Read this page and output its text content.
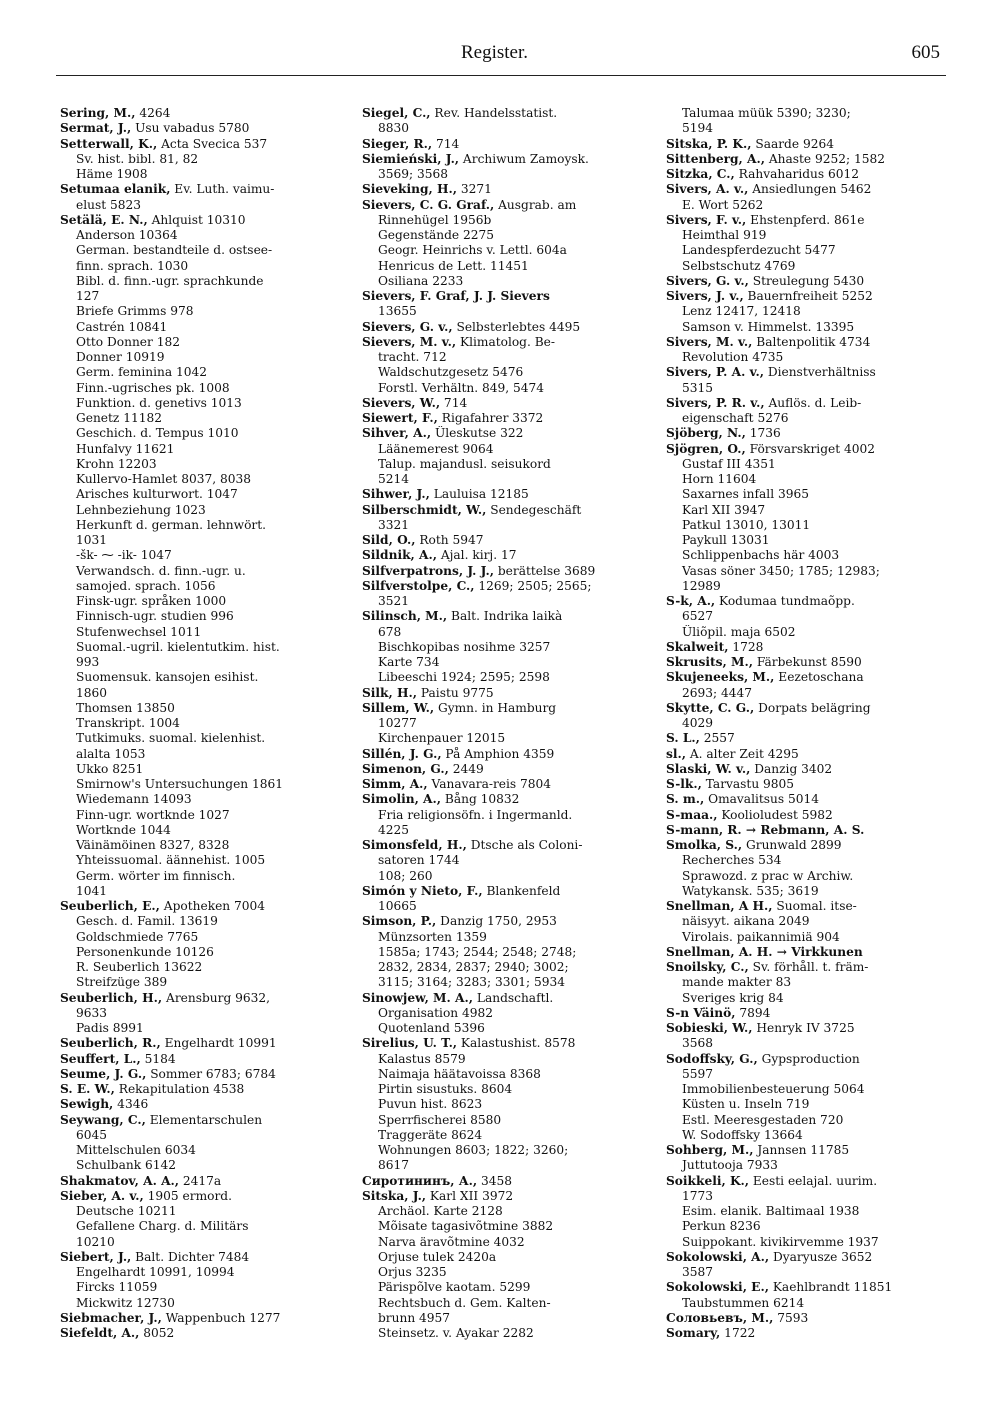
Register.	605
Sering, M., 4264
Sermat, J., Usu vabadus 5780
Setterwall, K., Acta Svecica 537
Sv. hist. bibl. 81, 82
Häme 1908
Setumaa elanik, Ev. Luth. vaimu-
elust 5823
Setälä, E. N., Ahlquist 10310
Anderson 10364
German. bestandteile d. ostsee-
finn. sprach. 1030
Bibl. d. finn.-ugr. sprachkunde
127
Briefe Grimms 978
Castrén 10841
Otto Donner 182
Donner 10919
Germ. feminina 1042
Finn.-ugrisches pk. 1008
Funktion. d. genetivs 1013
Genetz 11182
Geschich. d. Tempus 1010
Hunfalvy 11621
Krohn 12203
Kullervo-Hamlet 8037, 8038
Arisches kulturwort. 1047
Lehnbeziehung 1023
Herkunft d. german. lehnwört.
1031
-šk- ⁓ -ik- 1047
Verwandsch. d. finn.-ugr. u.
samojed. sprach. 1056
Finsk-ugr. språken 1000
Finnisch-ugr. studien 996
Stufenwechsel 1011
Suomal.-ugril. kielentutkim. hist.
993
Suomensuk. kansojen esihist.
1860
Thomsen 13850
Transkript. 1004
Tutkimuks. suomal. kielenhist.
alalta 1053
Ukko 8251
Smirnow's Untersuchungen 1861
Wiedemann 14093
Finn-ugr. wortknde 1027
Wortknde 1044
Väinämöinen 8327, 8328
Yhteissuomal. äännehist. 1005
Germ. wörter im finnisch.
1041
Seuberlich, E., Apotheken 7004
Gesch. d. Famil. 13619
Goldschmiede 7765
Personenkunde 10126
R. Seuberlich 13622
Streifzüge 389
Seuberlich, H., Arensburg 9632,
9633
Padis 8991
Seuberlich, R., Engelhardt 10991
Seuffert, L., 5184
Seume, J. G., Sommer 6783; 6784
S. E. W., Rekapitulation 4538
Sewigh, 4346
Seywang, C., Elementarschulen
6045
Mittelschulen 6034
Schulbank 6142
Shakmatov, A. A., 2417a
Sieber, A. v., 1905 ermord.
Deutsche 10211
Gefallene Charg. d. Militärs
10210
Siebert, J., Balt. Dichter 7484
Engelhardt 10991, 10994
Fircks 11059
Mickwitz 12730
Siebmacher, J., Wappenbuch 1277
Siefeldt, A., 8052
Siegel, C., Rev. Handelsstatist.
8830
Sieger, R., 714
Siemieński, J., Archiwum Zamoysk.
3569; 3568
Sieveking, H., 3271
Sievers, C. G. Graf., Ausgrab. am
Rinnehügel 1956b
Gegenstände 2275
Geogr. Heinrichs v. Lettl. 604a
Henricus de Lett. 11451
Osiliana 2233
Sievers, F. Graf, J. J. Sievers
13655
Sievers, G. v., Selbsterlebtes 4495
Sievers, M. v., Klimatolog. Be-
tracht. 712
Waldschutzgesetz 5476
Forstl. Verhältn. 849, 5474
Sievers, W., 714
Siewert, F., Rigafahrer 3372
Sihver, A., Üleskutse 322
Läänemerest 9064
Talup. majandusl. seisukord
5214
Sihwer, J., Lauluisa 12185
Silberschmidt, W., Sendegeschäft
3321
Sild, O., Roth 5947
Sildnik, A., Ajal. kirj. 17
Silfverpatrons, J. J., berättelse 3689
Silfverstolpe, C., 1269; 2505; 2565;
3521
Silinsch, M., Balt. Indrika laikà
678
Bischkopibas nosihme 3257
Karte 734
Libeeschi 1924; 2595; 2598
Silk, H., Paistu 9775
Sillem, W., Gymn. in Hamburg
10277
Kirchenpauer 12015
Sillén, J. G., På Amphion 4359
Simenon, G., 2449
Simm, A., Vanavara-reis 7804
Simolin, A., Bång 10832
Fria religionsöfn. i Ingermanld.
4225
Simonsfeld, H., Dtsche als Coloni-
satoren 1744
108; 260
Simón y Nieto, F., Blankenfeld
10665
Simson, P., Danzig 1750, 2953
Münzsorten 1359
1585a; 1743; 2544; 2548; 2748;
2832, 2834, 2837; 2940; 3002;
3115; 3164; 3283; 3301; 5934
Sinowjew, M. A., Landschaftl.
Organisation 4982
Quotenland 5396
Sirelius, U. T., Kalastushist. 8578
Kalastus 8579
Naimaja häätavoissa 8368
Pirtin sisustuks. 8604
Puvun hist. 8623
Sperrfischerei 8580
Traggeräte 8624
Wohnungen 8603; 1822; 3260;
8617
Сиротининъ, А., 3458
Sitska, J., Karl XII 3972
Archäol. Karte 2128
Mõisate tagasivõtmine 3882
Narva äravõtmine 4032
Orjuse tulek 2420a
Orjus 3235
Pärispõlve kaotam. 5299
Rechtsbuch d. Gem. Kalten-
brunn 4957
Steinsetz. v. Ayakar 2282
Talumaa müük 5390; 3230;
5194
Sitska, P. K., Saarde 9264
Sittenberg, A., Ahaste 9252; 1582
Sitzka, C., Rahvaharidus 6012
Sivers, A. v., Ansiedlungen 5462
E. Wort 5262
Sivers, F. v., Ehstenpferd. 861e
Heimthal 919
Landespferdezucht 5477
Selbstschutz 4769
Sivers, G. v., Streulegung 5430
Sivers, J. v., Bauernfreiheit 5252
Lenz 12417, 12418
Samson v. Himmelst. 13395
Sivers, M. v., Baltenpolitik 4734
Revolution 4735
Sivers, P. A. v., Dienstverhältniss
5315
Sivers, P. R. v., Auflös. d. Leib-
eigenschaft 5276
Sjöberg, N., 1736
Sjögren, O., Försvarskriget 4002
Gustaf III 4351
Horn 11604
Saxarnes infall 3965
Karl XII 3947
Patkul 13010, 13011
Paykull 13031
Schlippenbachs här 4003
Vasas söner 3450; 1785; 12983;
12989
S-k, A., Kodumaa tundmaõpp.
6527
Üliõpil. maja 6502
Skalweit, 1728
Skrusits, M., Färbekunst 8590
Skujeneeks, M., Eezetoschana
2693; 4447
Skytte, C. G., Dorpats belägring
4029
S. L., 2557
sl., A. alter Zeit 4295
Slaski, W. v., Danzig 3402
S-lk., Tarvastu 9805
S. m., Omavalitsus 5014
S-maa., Koolioludest 5982
S-mann, R. → Rebmann, A. S.
Smolka, S., Grunwald 2899
Recherches 534
Sprawozd. z prac w Archiw.
Watykansk. 535; 3619
Snellman, A H., Suomal. itse-
näisyyt. aikana 2049
Virolais. paikannimiä 904
Snellman, A. H. → Virkkunen
Snoilsky, C., Sv. förhåll. t. främ-
mande makter 83
Sveriges krig 84
S-n Väinö, 7894
Sobieski, W., Henryk IV 3725
3568
Sodoffsky, G., Gypsproduction
5597
Immobilienbesteuerung 5064
Küsten u. Inseln 719
Estl. Meeresgestaden 720
W. Sodoffsky 13664
Sohberg, M., Jannsen 11785
Juttutooja 7933
Soikkeli, K., Eesti eelajal. uurim.
1773
Esim. elanik. Baltimaal 1938
Perkun 8236
Suippokant. kivikirvemme 1937
Sokolowski, A., Dyaryusze 3652
3587
Sokolowski, E., Kaehlbrandt 11851
Taubstummen 6214
Соловьевъ, М., 7593
Somary, 1722
